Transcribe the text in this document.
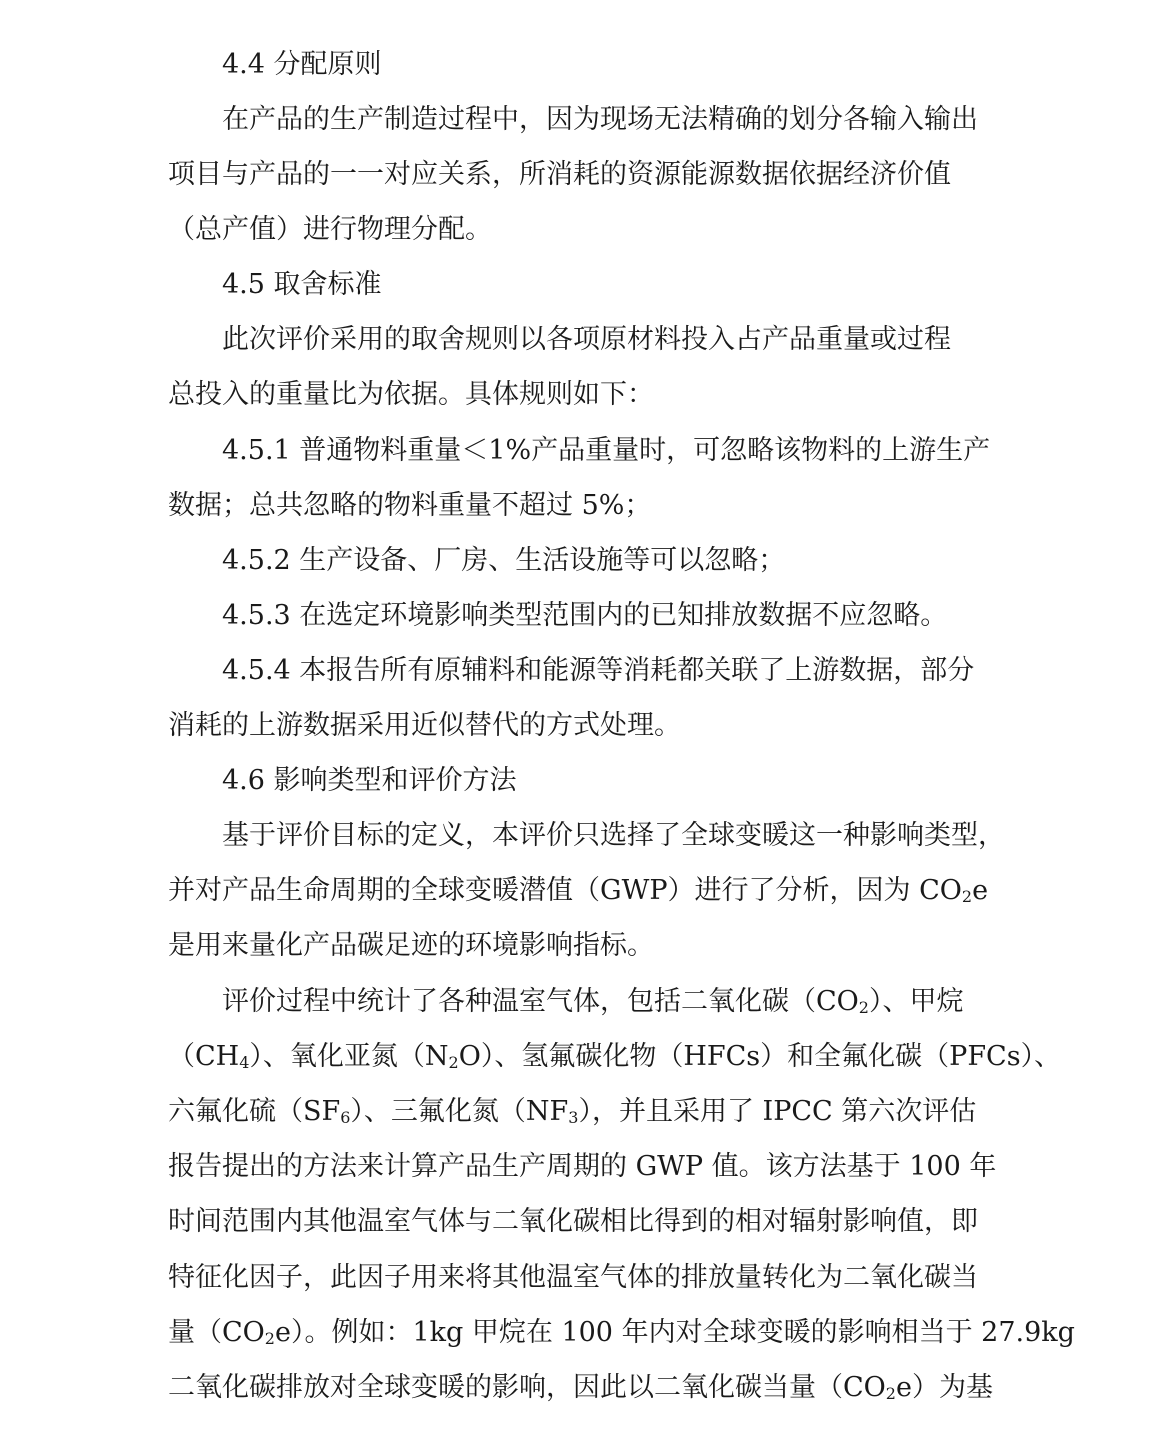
4.4 分配原则
在产品的生产制造过程中，因为现场无法精确的划分各输入输出
项目与产品的一一对应关系，所消耗的资源能源数据依据经济价值
（总产值）进行物理分配。
4.5 取舍标准
此次评价采用的取舍规则以各项原材料投入占产品重量或过程
总投入的重量比为依据。具体规则如下：
4.5.1 普通物料重量＜1%产品重量时，可忽略该物料的上游生产
数据；总共忽略的物料重量不超过 5%；
4.5.2 生产设备、厂房、生活设施等可以忽略；
4.5.3 在选定环境影响类型范围内的已知排放数据不应忽略。
4.5.4 本报告所有原辅料和能源等消耗都关联了上游数据，部分
消耗的上游数据采用近似替代的方式处理。
4.6 影响类型和评价方法
基于评价目标的定义，本评价只选择了全球变暖这一种影响类型，
并对产品生命周期的全球变暖潜值（GWP）进行了分析，因为 $CO_2e$
是用来量化产品碳足迹的环境影响指标。
评价过程中统计了各种温室气体，包括二氧化碳$(CO_2)$、甲烷
$(CH_4)$、氧化亚氮$(N_2O)$、氢氟碳化物（HFCs）和全氟化碳（PFCs）、
六氟化硫$(SF_6)$、三氟化氮$(NF_3)$，并且采用了 IPCC 第六次评估
报告提出的方法来计算产品生产周期的 GWP 值。该方法基于 100 年
时间范围内其他温室气体与二氧化碳相比得到的相对辐射影响值，即
特征化因子，此因子用来将其他温室气体的排放量转化为二氧化碳当
量$(CO_2e)$。例如：1kg 甲烷在 100 年内对全球变暖的影响相当于 27.9kg
二氧化碳排放对全球变暖的影响，因此以二氧化碳当量$(CO_2e)$为基
